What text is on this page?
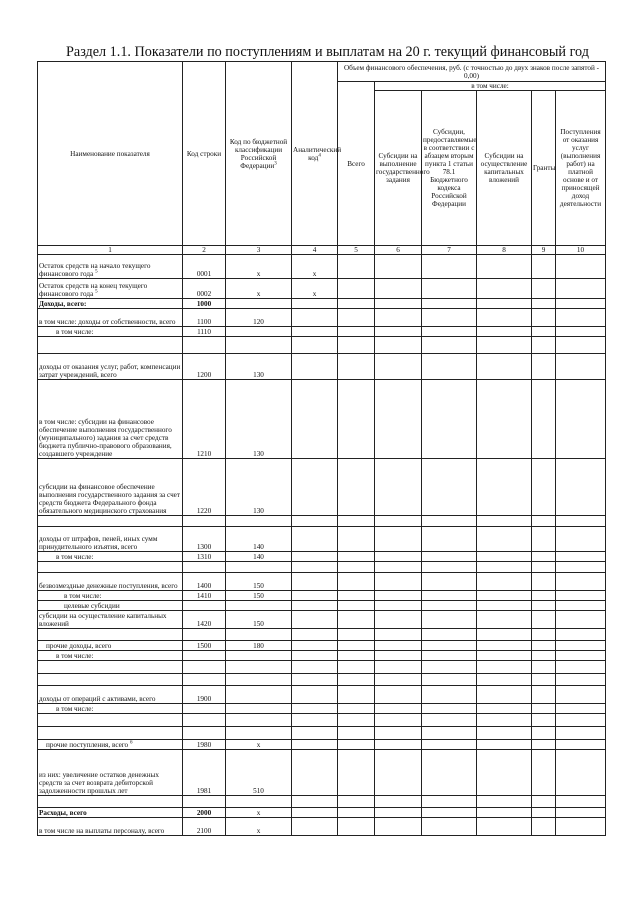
Раздел 1.1. Показатели по поступлениям и выплатам на 20 г. текущий финансовый год
Наименование показателя	Код строки	Код по бюджетной классификации Российской Федерации$^3$	Аналитический код$^4$	Объем финансового обеспечения, руб. (с точностью до двух знаков после запятой - 0,00)					
				Всего	в том числе:				
					Субсидии на выполнение государственного задания	Субсидии, предоставляемые в соответствии с абзацем вторым пункта 1 статьи 78.1 Бюджетного кодекса Российской Федерации	Субсидии на осуществление капитальных вложений	Гранты	Поступления от оказания услуг (выполнения работ) на платной основе и от приносящей доход деятельности
1	2	3	4	5	6	7	8	9	10
Остаток средств на начало текущего финансового года $^5$	0001	х	х						
Остаток средств на конец текущего финансового года $^5$	0002	х	х						
Доходы, всего:	1000								
в том числе: доходы от собственности, всего	1100	120							
в том числе:	1110								

доходы от оказания услуг, работ, компенсации затрат учреждений, всего	1200	130							
в том числе: субсидии на финансовое обеспечение выполнения государственного (муниципального) задания за счет средств бюджета публично-правового образования, создавшего учреждение	1210	130							
субсидии на финансовое обеспечение выполнения государственного задания за счет средств бюджета Федерального фонда обязательного медицинского страхования	1220	130							

доходы от штрафов, пеней, иных сумм принудительного изъятия, всего	1300	140							
в том числе:	1310	140							

безвозмездные денежные поступления, всего	1400	150							
в том числе:	1410	150							
целевые субсидии									
субсидии на осуществление капитальных вложений	1420	150							

прочие доходы, всего	1500	180							
в том числе:									

доходы от операций с активами, всего	1900								
в том числе:									

прочие поступления, всего $^6$	1980	х							
из них: увеличение остатков денежных средств за счет возврата дебиторской задолженности прошлых лет	1981	510							

Расходы, всего	2000	х							
в том числе на выплаты персоналу, всего	2100	х							
